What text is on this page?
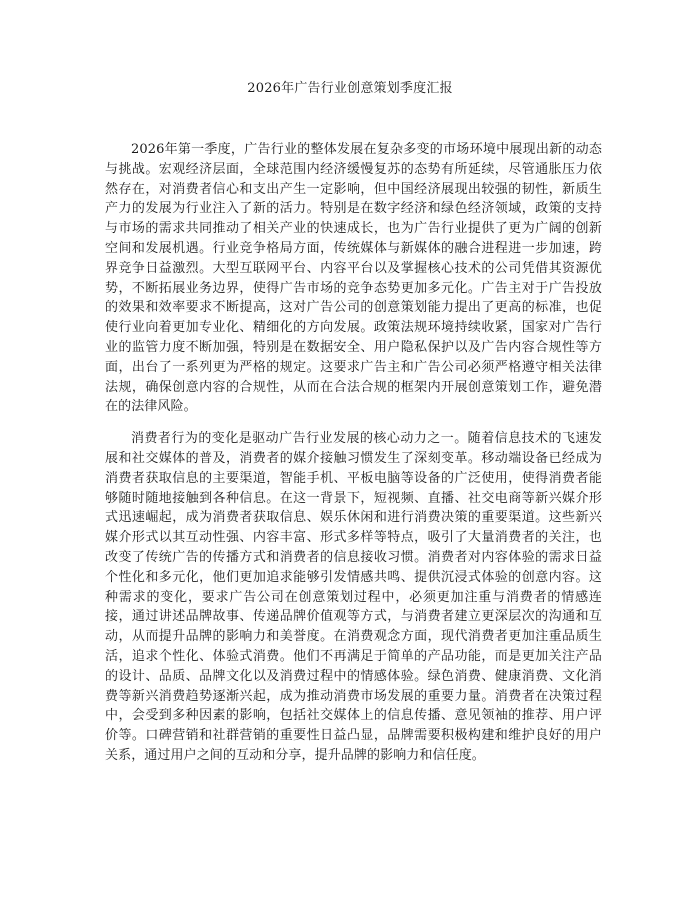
2026年广告行业创意策划季度汇报

2026年第一季度，广告行业的整体发展在复杂多变的市场环境中展现出新的动态与挑战。宏观经济层面，全球范围内经济缓慢复苏的态势有所延续，尽管通胀压力依然存在，对消费者信心和支出产生一定影响，但中国经济展现出较强的韧性，新质生产力的发展为行业注入了新的活力。特别是在数字经济和绿色经济领域，政策的支持与市场的需求共同推动了相关产业的快速成长，也为广告行业提供了更为广阔的创新空间和发展机遇。行业竞争格局方面，传统媒体与新媒体的融合进程进一步加速，跨界竞争日益激烈。大型互联网平台、内容平台以及掌握核心技术的公司凭借其资源优势，不断拓展业务边界，使得广告市场的竞争态势更加多元化。广告主对于广告投放的效果和效率要求不断提高，这对广告公司的创意策划能力提出了更高的标准，也促使行业向着更加专业化、精细化的方向发展。政策法规环境持续收紧，国家对广告行业的监管力度不断加强，特别是在数据安全、用户隐私保护以及广告内容合规性等方面，出台了一系列更为严格的规定。这要求广告主和广告公司必须严格遵守相关法律法规，确保创意内容的合规性，从而在合法合规的框架内开展创意策划工作，避免潜在的法律风险。

消费者行为的变化是驱动广告行业发展的核心动力之一。随着信息技术的飞速发展和社交媒体的普及，消费者的媒介接触习惯发生了深刻变革。移动端设备已经成为消费者获取信息的主要渠道，智能手机、平板电脑等设备的广泛使用，使得消费者能够随时随地接触到各种信息。在这一背景下，短视频、直播、社交电商等新兴媒介形式迅速崛起，成为消费者获取信息、娱乐休闲和进行消费决策的重要渠道。这些新兴媒介形式以其互动性强、内容丰富、形式多样等特点，吸引了大量消费者的关注，也改变了传统广告的传播方式和消费者的信息接收习惯。消费者对内容体验的需求日益个性化和多元化，他们更加追求能够引发情感共鸣、提供沉浸式体验的创意内容。这种需求的变化，要求广告公司在创意策划过程中，必须更加注重与消费者的情感连接，通过讲述品牌故事、传递品牌价值观等方式，与消费者建立更深层次的沟通和互动，从而提升品牌的影响力和美誉度。在消费观念方面，现代消费者更加注重品质生活，追求个性化、体验式消费。他们不再满足于简单的产品功能，而是更加关注产品的设计、品质、品牌文化以及消费过程中的情感体验。绿色消费、健康消费、文化消费等新兴消费趋势逐渐兴起，成为推动消费市场发展的重要力量。消费者在决策过程中，会受到多种因素的影响，包括社交媒体上的信息传播、意见领袖的推荐、用户评价等。口碑营销和社群营销的重要性日益凸显，品牌需要积极构建和维护良好的用户关系，通过用户之间的互动和分享，提升品牌的影响力和信任度。
